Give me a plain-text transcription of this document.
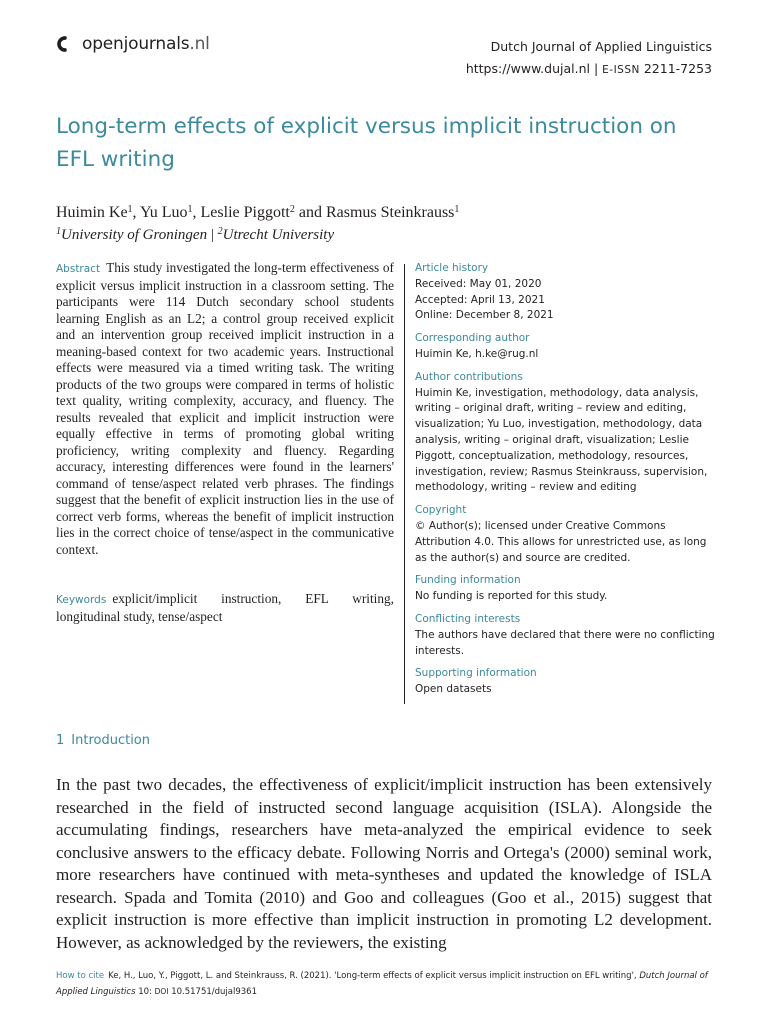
openjournals.nl	Dutch Journal of Applied Linguistics
https://www.dujal.nl | E-ISSN 2211-7253
Long-term effects of explicit versus implicit instruction on EFL writing
Huimin Ke$^1$, Yu Luo$^1$, Leslie Piggott$^2$ and Rasmus Steinkrauss$^1$
$^1$University of Groningen | $^2$Utrecht University
Abstract This study investigated the long-term effectiveness of explicit versus implicit instruction in a classroom setting. The participants were 114 Dutch secondary school students learning English as an L2; a control group received explicit and an intervention group received implicit instruction in a meaning-based context for two academic years. Instructional effects were measured via a timed writing task. The writing products of the two groups were compared in terms of holistic text quality, writing complexity, accuracy, and fluency. The results revealed that explicit and implicit instruction were equally effective in terms of promoting global writing proficiency, writing complexity and fluency. Regarding accuracy, interesting differences were found in the learners' command of tense/aspect related verb phrases. The findings suggest that the benefit of explicit instruction lies in the use of correct verb forms, whereas the benefit of implicit instruction lies in the correct choice of tense/aspect in the communicative context.
Keywords explicit/implicit instruction, EFL writing, longitudinal study, tense/aspect
Article history

Received: May 01, 2020

Accepted: April 13, 2021

Online: December 8, 2021

Corresponding author

Huimin Ke, h.ke@rug.nl

Author contributions

Huimin Ke, investigation, methodology, data analysis, writing – original draft, writing – review and editing, visualization; Yu Luo, investigation, methodology, data analysis, writing – original draft, visualization; Leslie Piggott, conceptualization, methodology, resources, investigation, review; Rasmus Steinkrauss, supervision, methodology, writing – review and editing

Copyright

© Author(s); licensed under Creative Commons Attribution 4.0. This allows for unrestricted use, as long as the author(s) and source are credited.

Funding information

No funding is reported for this study.

Conflicting interests

The authors have declared that there were no conflicting interests.

Supporting information

Open datasets

1 Introduction

In the past two decades, the effectiveness of explicit/implicit instruction has been extensively researched in the field of instructed second language acquisition (ISLA). Alongside the accumulating findings, researchers have meta-analyzed the empirical evidence to seek conclusive answers to the efficacy debate. Following Norris and Ortega's (2000) seminal work, more researchers have continued with meta-syntheses and updated the knowledge of ISLA research. Spada and Tomita (2010) and Goo and colleagues (Goo et al., 2015) suggest that explicit instruction is more effective than implicit instruction in promoting L2 development. However, as acknowledged by the reviewers, the existing

How to cite Ke, H., Luo, Y., Piggott, L. and Steinkrauss, R. (2021). 'Long-term effects of explicit versus implicit instruction on EFL writing', Dutch Journal of Applied Linguistics 10: DOI 10.51751/dujal9361
